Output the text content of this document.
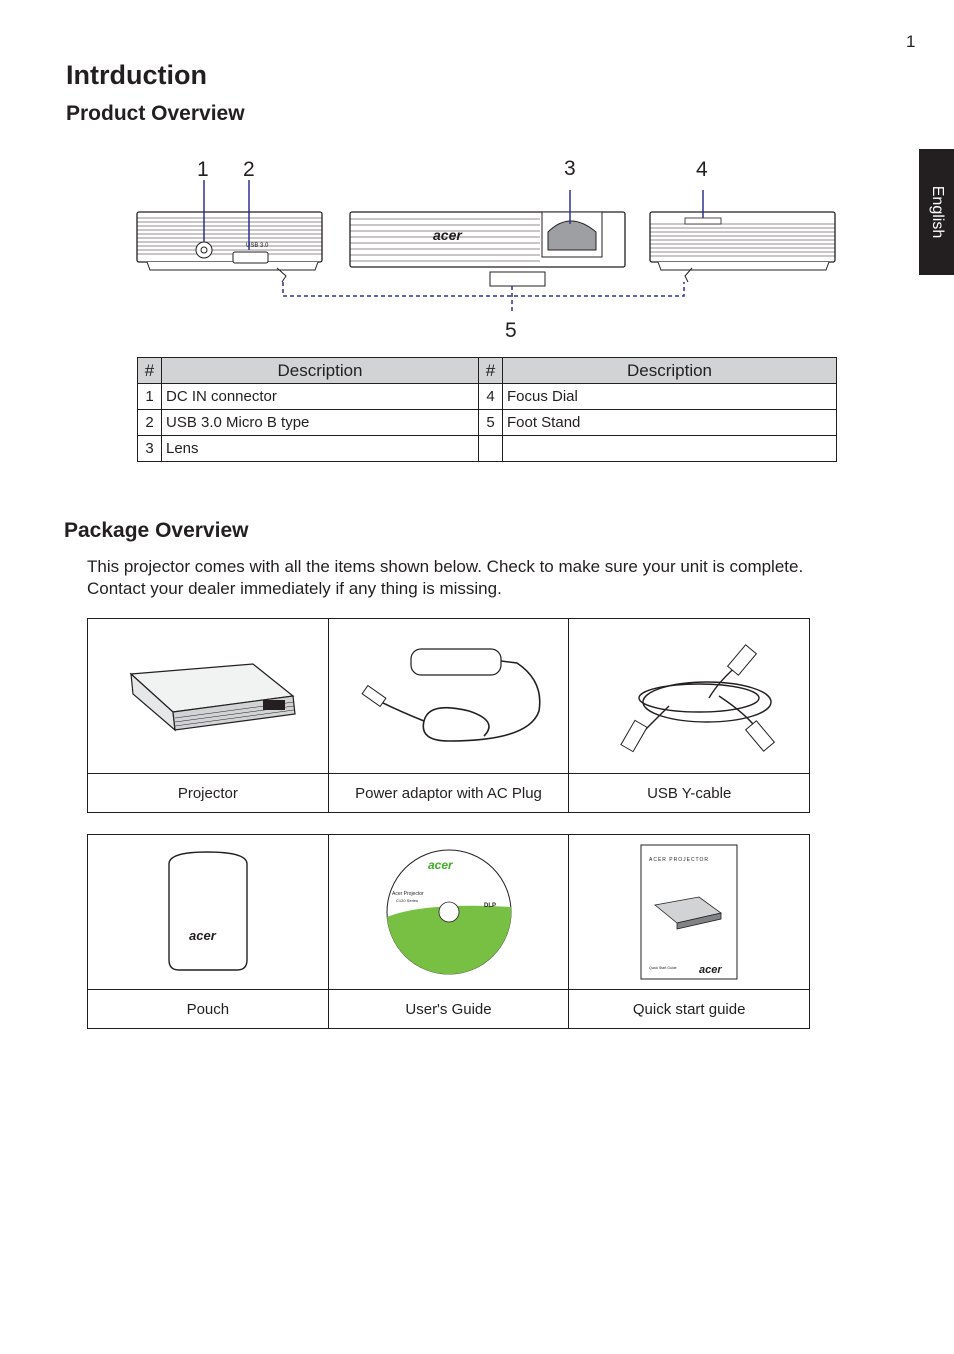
1
English
Intrduction
Product Overview
1 2	3	4
5
USB 3.0
acer
#	Description	#	Description
1	DC IN connector	4	Focus Dial
2	USB 3.0 Micro B type	5	Foot Stand
3	Lens		
Package Overview
This projector comes with all the items shown below. Check to make sure your unit is complete.
Contact your dealer immediately if any thing is missing.
Projector	Power adaptor with AC Plug	USB Y-cable
acer
acer
Acer Projector
C120 Series
DLP
ACER PROJECTOR
Quick Start Guide acer
Pouch	User's Guide	Quick start guide
